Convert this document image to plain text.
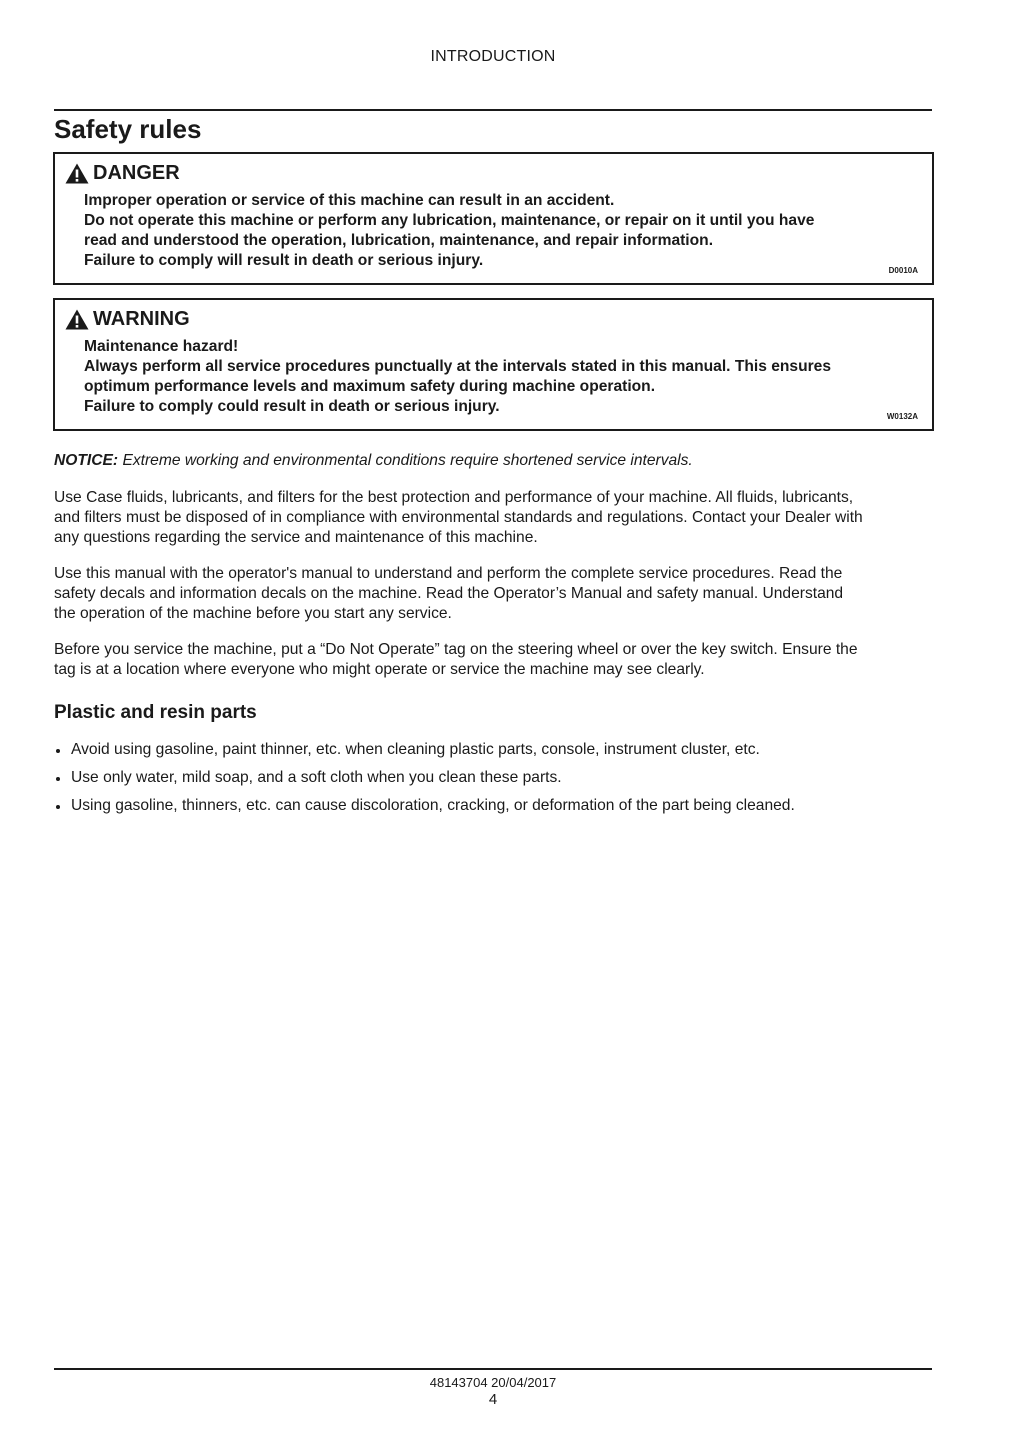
INTRODUCTION
Safety rules
DANGER
Improper operation or service of this machine can result in an accident.
Do not operate this machine or perform any lubrication, maintenance, or repair on it until you have
read and understood the operation, lubrication, maintenance, and repair information.
Failure to comply will result in death or serious injury.
D0010A
WARNING
Maintenance hazard!
Always perform all service procedures punctually at the intervals stated in this manual. This ensures
optimum performance levels and maximum safety during machine operation.
Failure to comply could result in death or serious injury.
W0132A
NOTICE: Extreme working and environmental conditions require shortened service intervals.
Use Case fluids, lubricants, and filters for the best protection and performance of your machine. All fluids, lubricants,
and filters must be disposed of in compliance with environmental standards and regulations. Contact your Dealer with
any questions regarding the service and maintenance of this machine.
Use this manual with the operator's manual to understand and perform the complete service procedures. Read the
safety decals and information decals on the machine. Read the Operator’s Manual and safety manual. Understand
the operation of the machine before you start any service.
Before you service the machine, put a “Do Not Operate” tag on the steering wheel or over the key switch. Ensure the
tag is at a location where everyone who might operate or service the machine may see clearly.
Plastic and resin parts
Avoid using gasoline, paint thinner, etc. when cleaning plastic parts, console, instrument cluster, etc.
Use only water, mild soap, and a soft cloth when you clean these parts.
Using gasoline, thinners, etc. can cause discoloration, cracking, or deformation of the part being cleaned.
48143704 20/04/2017
4
